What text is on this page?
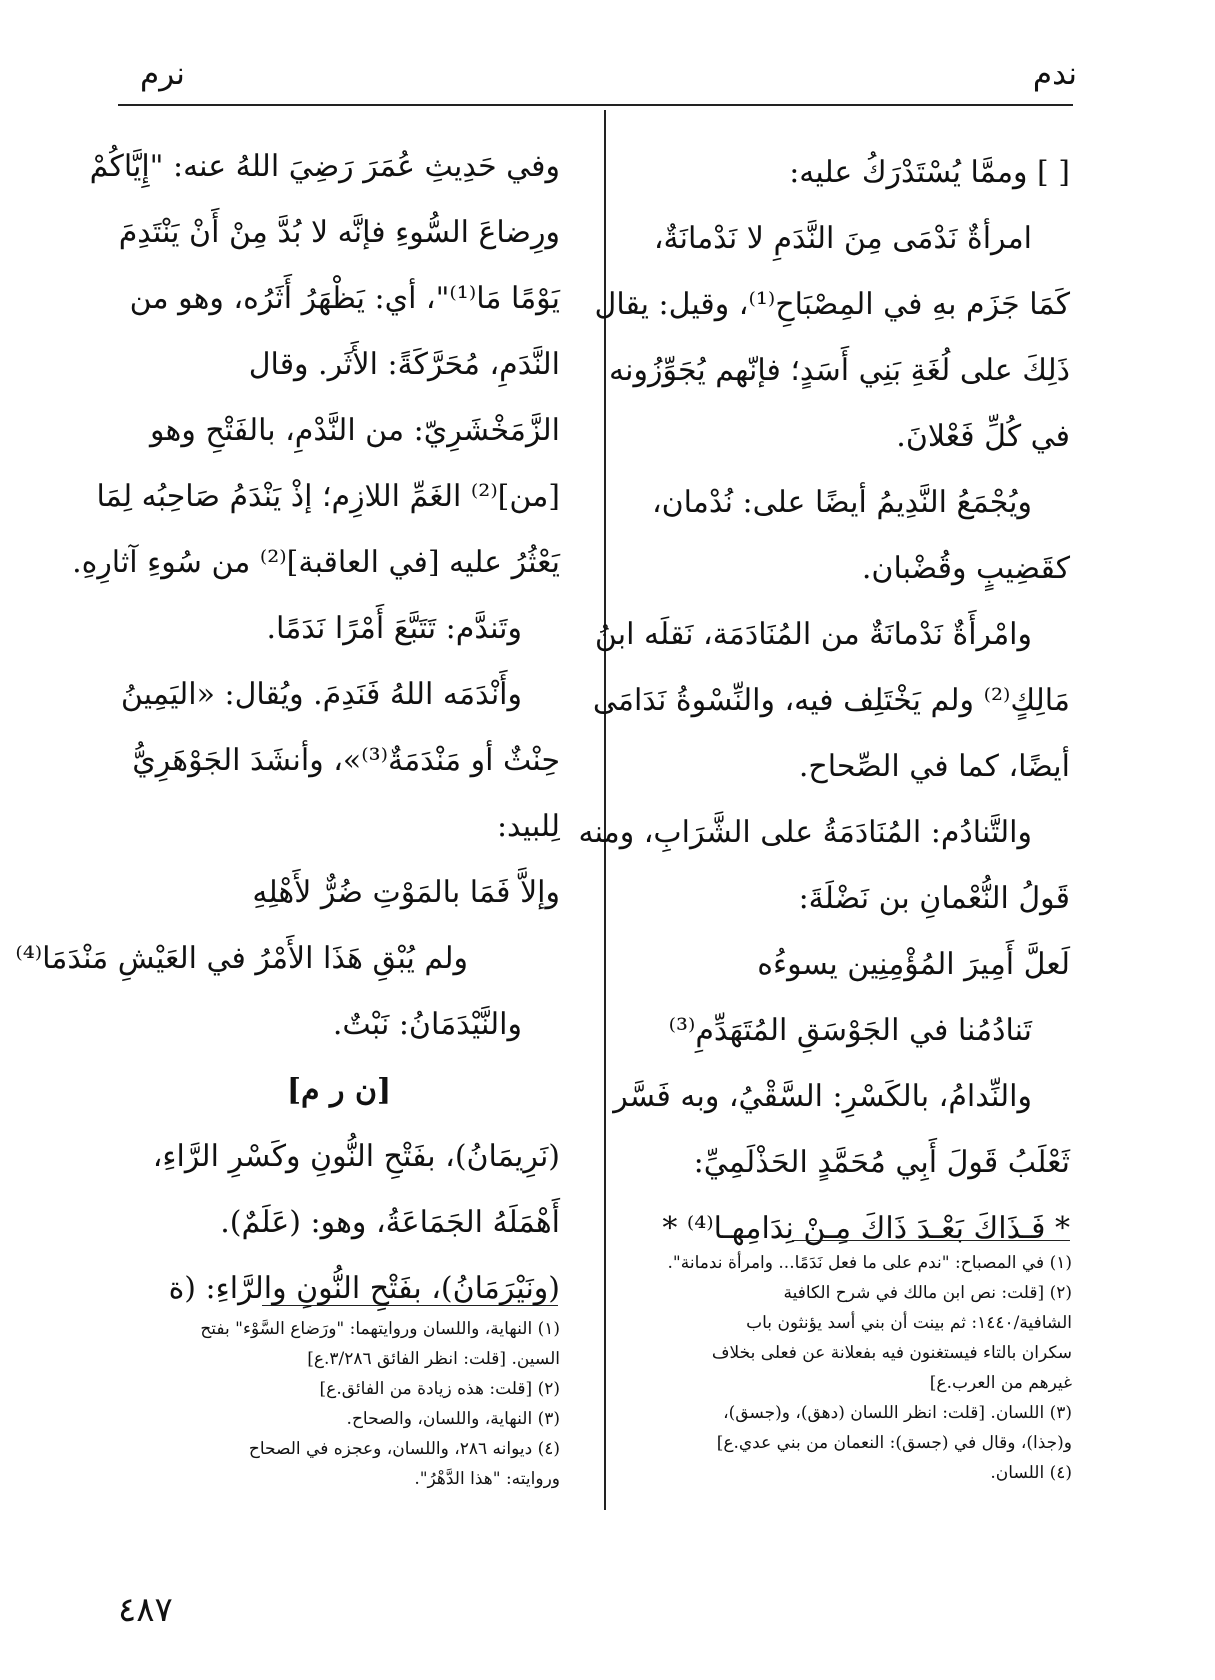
ندم
نرم
[ ] وممَّا يُسْتَدْرَكُ عليه:
امرأةٌ نَدْمَى مِنَ النَّدَمِ لا نَدْمانَةٌ،
كَمَا جَزَم بهِ في المِصْبَاحِ⁽¹⁾، وقيل: يقال
ذَلِكَ على لُغَةِ بَنِي أَسَدٍ؛ فإنّهم يُجَوِّزُونه
في كُلِّ فَعْلانَ.
ويُجْمَعُ النَّدِيمُ أيضًا على: نُدْمان،
كقَضِيبٍ وقُضْبان.
وامْرأَةٌ نَدْمانَةٌ من المُنَادَمَة، نَقلَه ابنُ
مَالِكٍ⁽²⁾ ولم يَخْتَلِف فيه، والنِّسْوةُ نَدَامَى
أيضًا، كما في الصِّحاح.
والتَّنادُم: المُنَادَمَةُ على الشَّرَابِ، ومنه
قَولُ النُّعْمانِ بن نَضْلَةَ:
لَعلَّ أَمِيرَ المُؤْمِنِين يسوءُه
تَنادُمُنا في الجَوْسَقِ المُتَهَدِّمِ⁽³⁾
والنِّدامُ، بالكَسْرِ: السَّقْيُ، وبه فَسَّر
ثَعْلَبُ قَولَ أَبِي مُحَمَّدٍ الحَذْلَمِيِّ:
* فَـذَاكَ بَعْـدَ ذَاكَ مِـنْ نِدَامِهـا⁽⁴⁾ *
(١) في المصباح: "ندم على ما فعل نَدَمًا... وامرأة ندمانة".
(٢) [قلت: نص ابن مالك في شرح الكافية
الشافية/١٤٤٠: ثم بينت أن بني أسد يؤنثون باب
سكران بالتاء فيستغنون فيه بفعلانة عن فعلى بخلاف
غيرهم من العرب.ع]
(٣) اللسان. [قلت: انظر اللسان (دهق)، و(جسق)،
و(جذا)، وقال في (جسق): النعمان من بني عدي.ع]
(٤) اللسان.
وفي حَدِيثِ عُمَرَ رَضِيَ اللهُ عنه: "إِيَّاكُمْ
ورِضاعَ السُّوءِ فإنَّه لا بُدَّ مِنْ أَنْ يَنْتَدِمَ
يَوْمًا مَا⁽¹⁾"، أي: يَظْهَرُ أَثَرُه، وهو من
النَّدَمِ، مُحَرَّكَةً: الأَثَر. وقال
الزَّمَخْشَرِيّ: من النَّدْمِ، بالفَتْحِ وهو
[من]⁽²⁾ الغَمِّ اللازِم؛ إذْ يَنْدَمُ صَاحِبُه لِمَا
يَعْثُرُ عليه [في العاقبة]⁽²⁾ من سُوءِ آثارِهِ.
وتَندَّم: تَتَبَّعَ أَمْرًا نَدَمًا.
وأَنْدَمَه اللهُ فَنَدِمَ. ويُقال: «اليَمِينُ
حِنْثٌ أو مَنْدَمَةٌ⁽³⁾»، وأنشَدَ الجَوْهَرِيُّ
لِلبيد:
وإلاَّ فَمَا بالمَوْتِ ضُرٌّ لأَهْلِهِ
ولم يُبْقِ هَذَا الأَمْرُ في العَيْشِ مَنْدَمَا⁽⁴⁾
والنَّيْدَمَانُ: نَبْتٌ.
[ن ر م]
(نَرِيمَانُ)، بفَتْحِ النُّونِ وكَسْرِ الرَّاءِ،
أَهْمَلَهُ الجَمَاعَةُ، وهو: (عَلَمٌ).
(ونَيْرَمَانُ)، بفَتْحِ النُّونِ والرَّاءِ: (ة
(١) النهاية، واللسان وروايتهما: "ورَضاع السَّوْء" بفتح
السين. [قلت: انظر الفائق ٣/٢٨٦.ع]
(٢) [قلت: هذه زيادة من الفائق.ع]
(٣) النهاية، واللسان، والصحاح.
(٤) ديوانه ٢٨٦، واللسان، وعجزه في الصحاح
وروايته: "هذا الدَّهْرُ".
٤٨٧
